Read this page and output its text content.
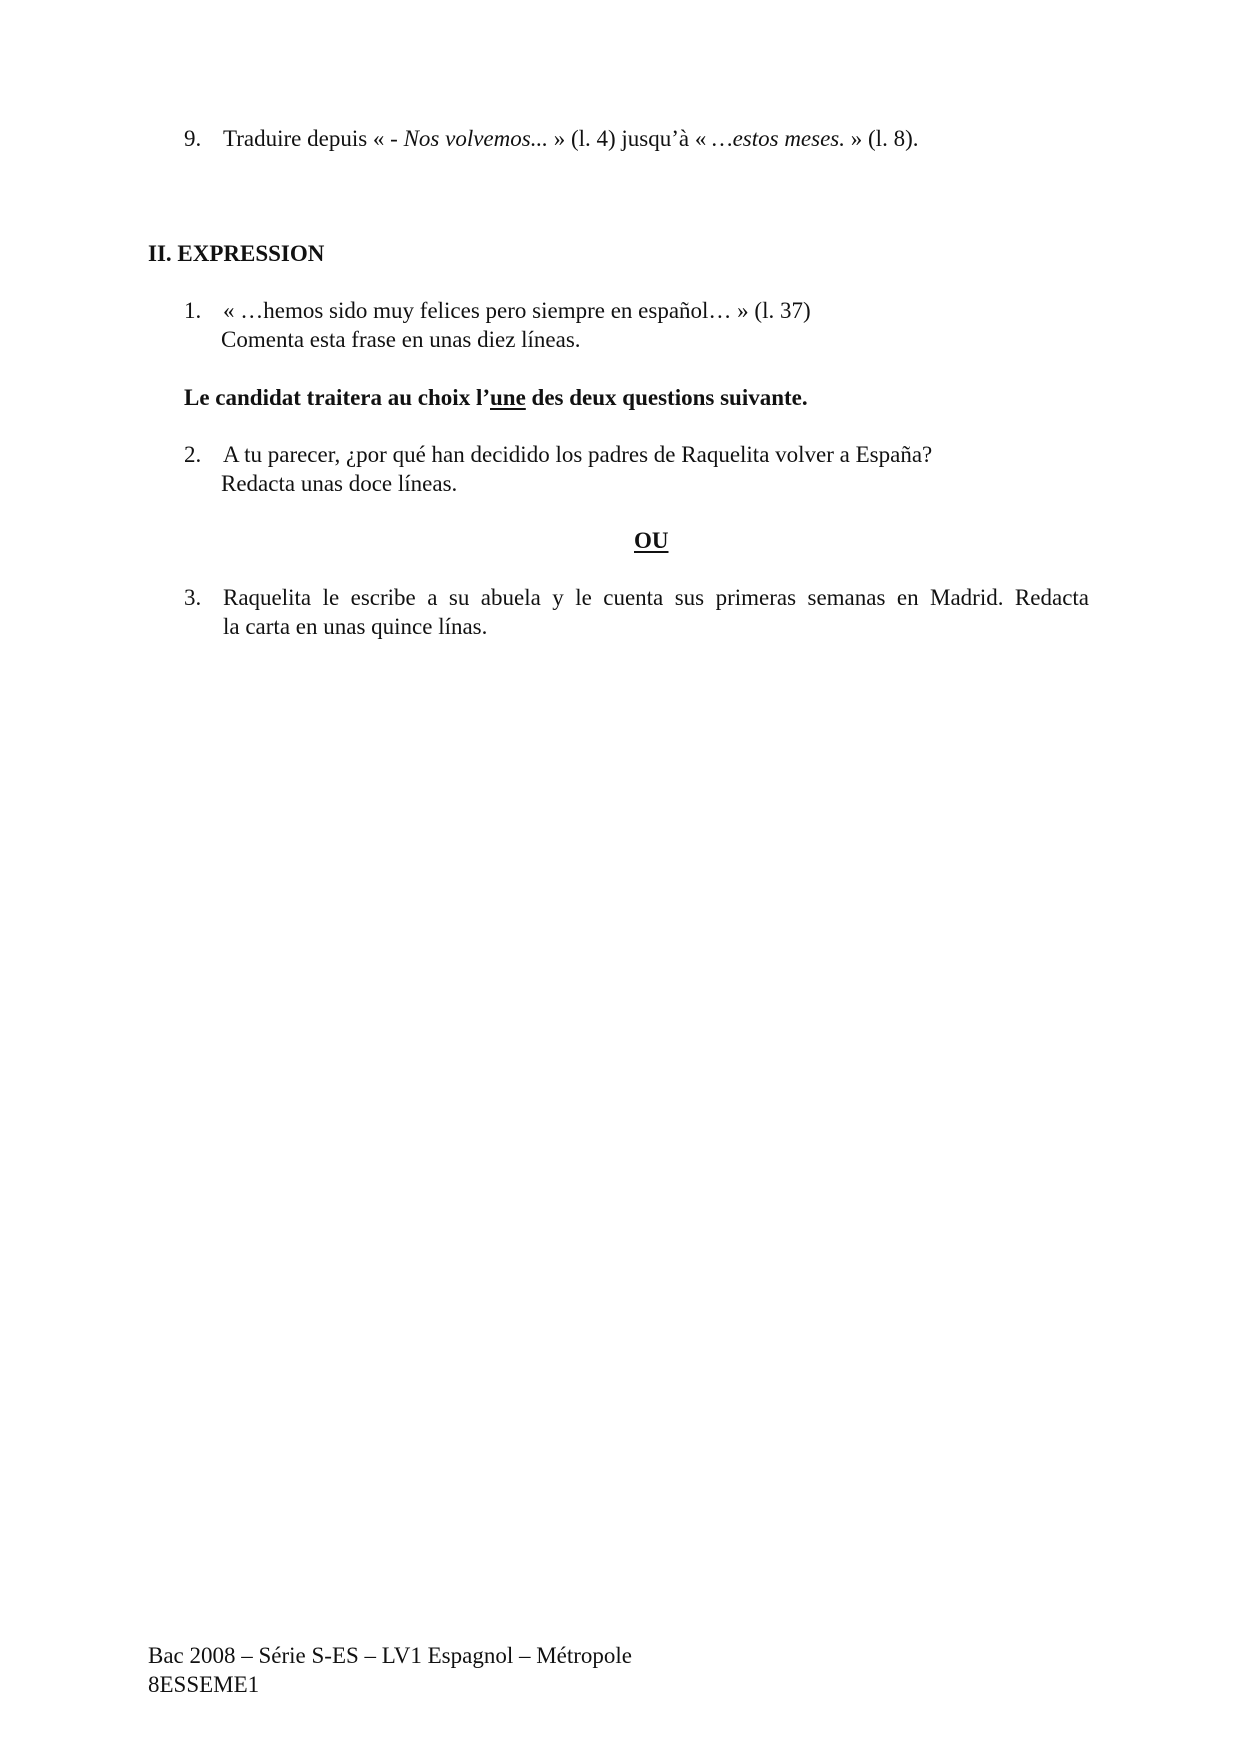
9. Traduire depuis « - Nos volvemos... » (l. 4) jusqu’à « …estos meses. » (l. 8).
II. EXPRESSION
1. « …hemos sido muy felices pero siempre en español… » (l. 37)
Comenta esta frase en unas diez líneas.
Le candidat traitera au choix l’une des deux questions suivante.
2. A tu parecer, ¿por qué han decidido los padres de Raquelita volver a España?
Redacta unas doce líneas.
OU
3. Raquelita le escribe a su abuela y le cuenta sus primeras semanas en Madrid. Redacta
la carta en unas quince línas.
Bac 2008 – Série S-ES – LV1 Espagnol – Métropole
8ESSEME1
